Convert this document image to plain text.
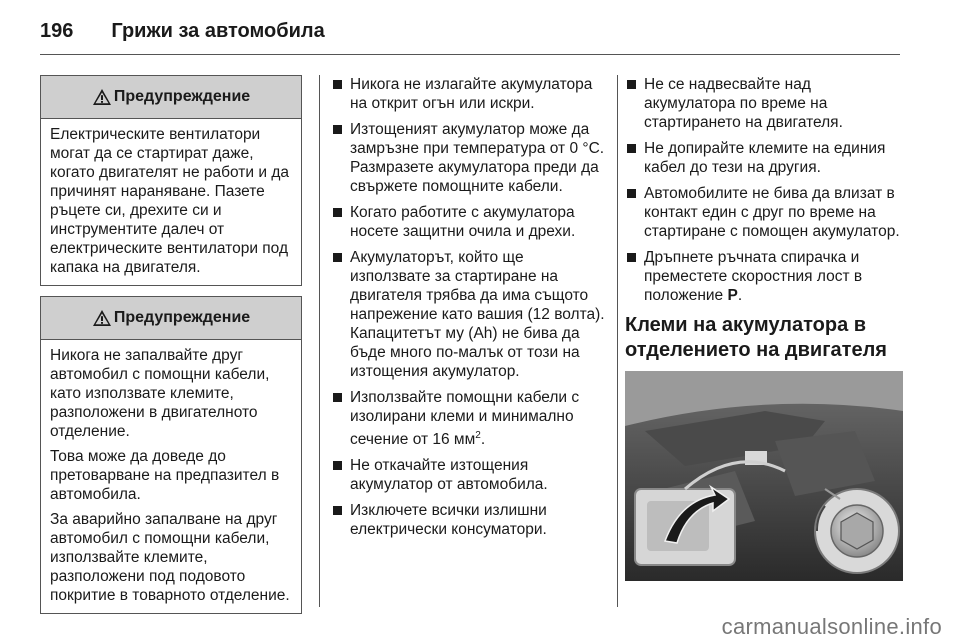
196 Грижи за автомобила
Предупреждение

Електрическите вентилатори могат да се стартират даже, когато двигателят не работи и да причинят нараняване. Пазете ръцете си, дрехите си и инструментите далеч от електрическите вентилатори под капака на двигателя.

Предупреждение

Никога не запалвайте друг автомобил с помощни кабели, като използвате клемите, разположени в двигателното отделение.

Това може да доведе до претоварване на предпазител в автомобила.

За аварийно запалване на друг автомобил с помощни кабели, използвайте клемите, разположени под подовото покритие в товарното отделение.

Никога не излагайте акумулатора на открит огън или искри.
Изтощеният акумулатор може да замръзне при температура от 0 °C. Размразете акумулатора преди да свържете помощните кабели.
Когато работите с акумулатора носете защитни очила и дрехи.
Акумулаторът, който ще използвате за стартиране на двигателя трябва да има същото напрежение като вашия (12 волта). Капацитетът му (Ah) не бива да бъде много по-малък от този на изтощения акумулатор.
Използвайте помощни кабели с изолирани клеми и минимално сечение от 16 $мм^2$.
Не откачайте изтощения акумулатор от автомобила.
Изключете всички излишни електрически консуматори.
Не се надвесвайте над акумулатора по време на стартирането на двигателя.
Не допирайте клемите на единия кабел до тези на другия.
Автомобилите не бива да влизат в контакт един с друг по време на стартиране с помощен акумулатор.
Дръпнете ръчната спирачка и преместете скоростния лост в положение P.
Клеми на акумулатора в отделението на двигателя
carmanualsonline.info
